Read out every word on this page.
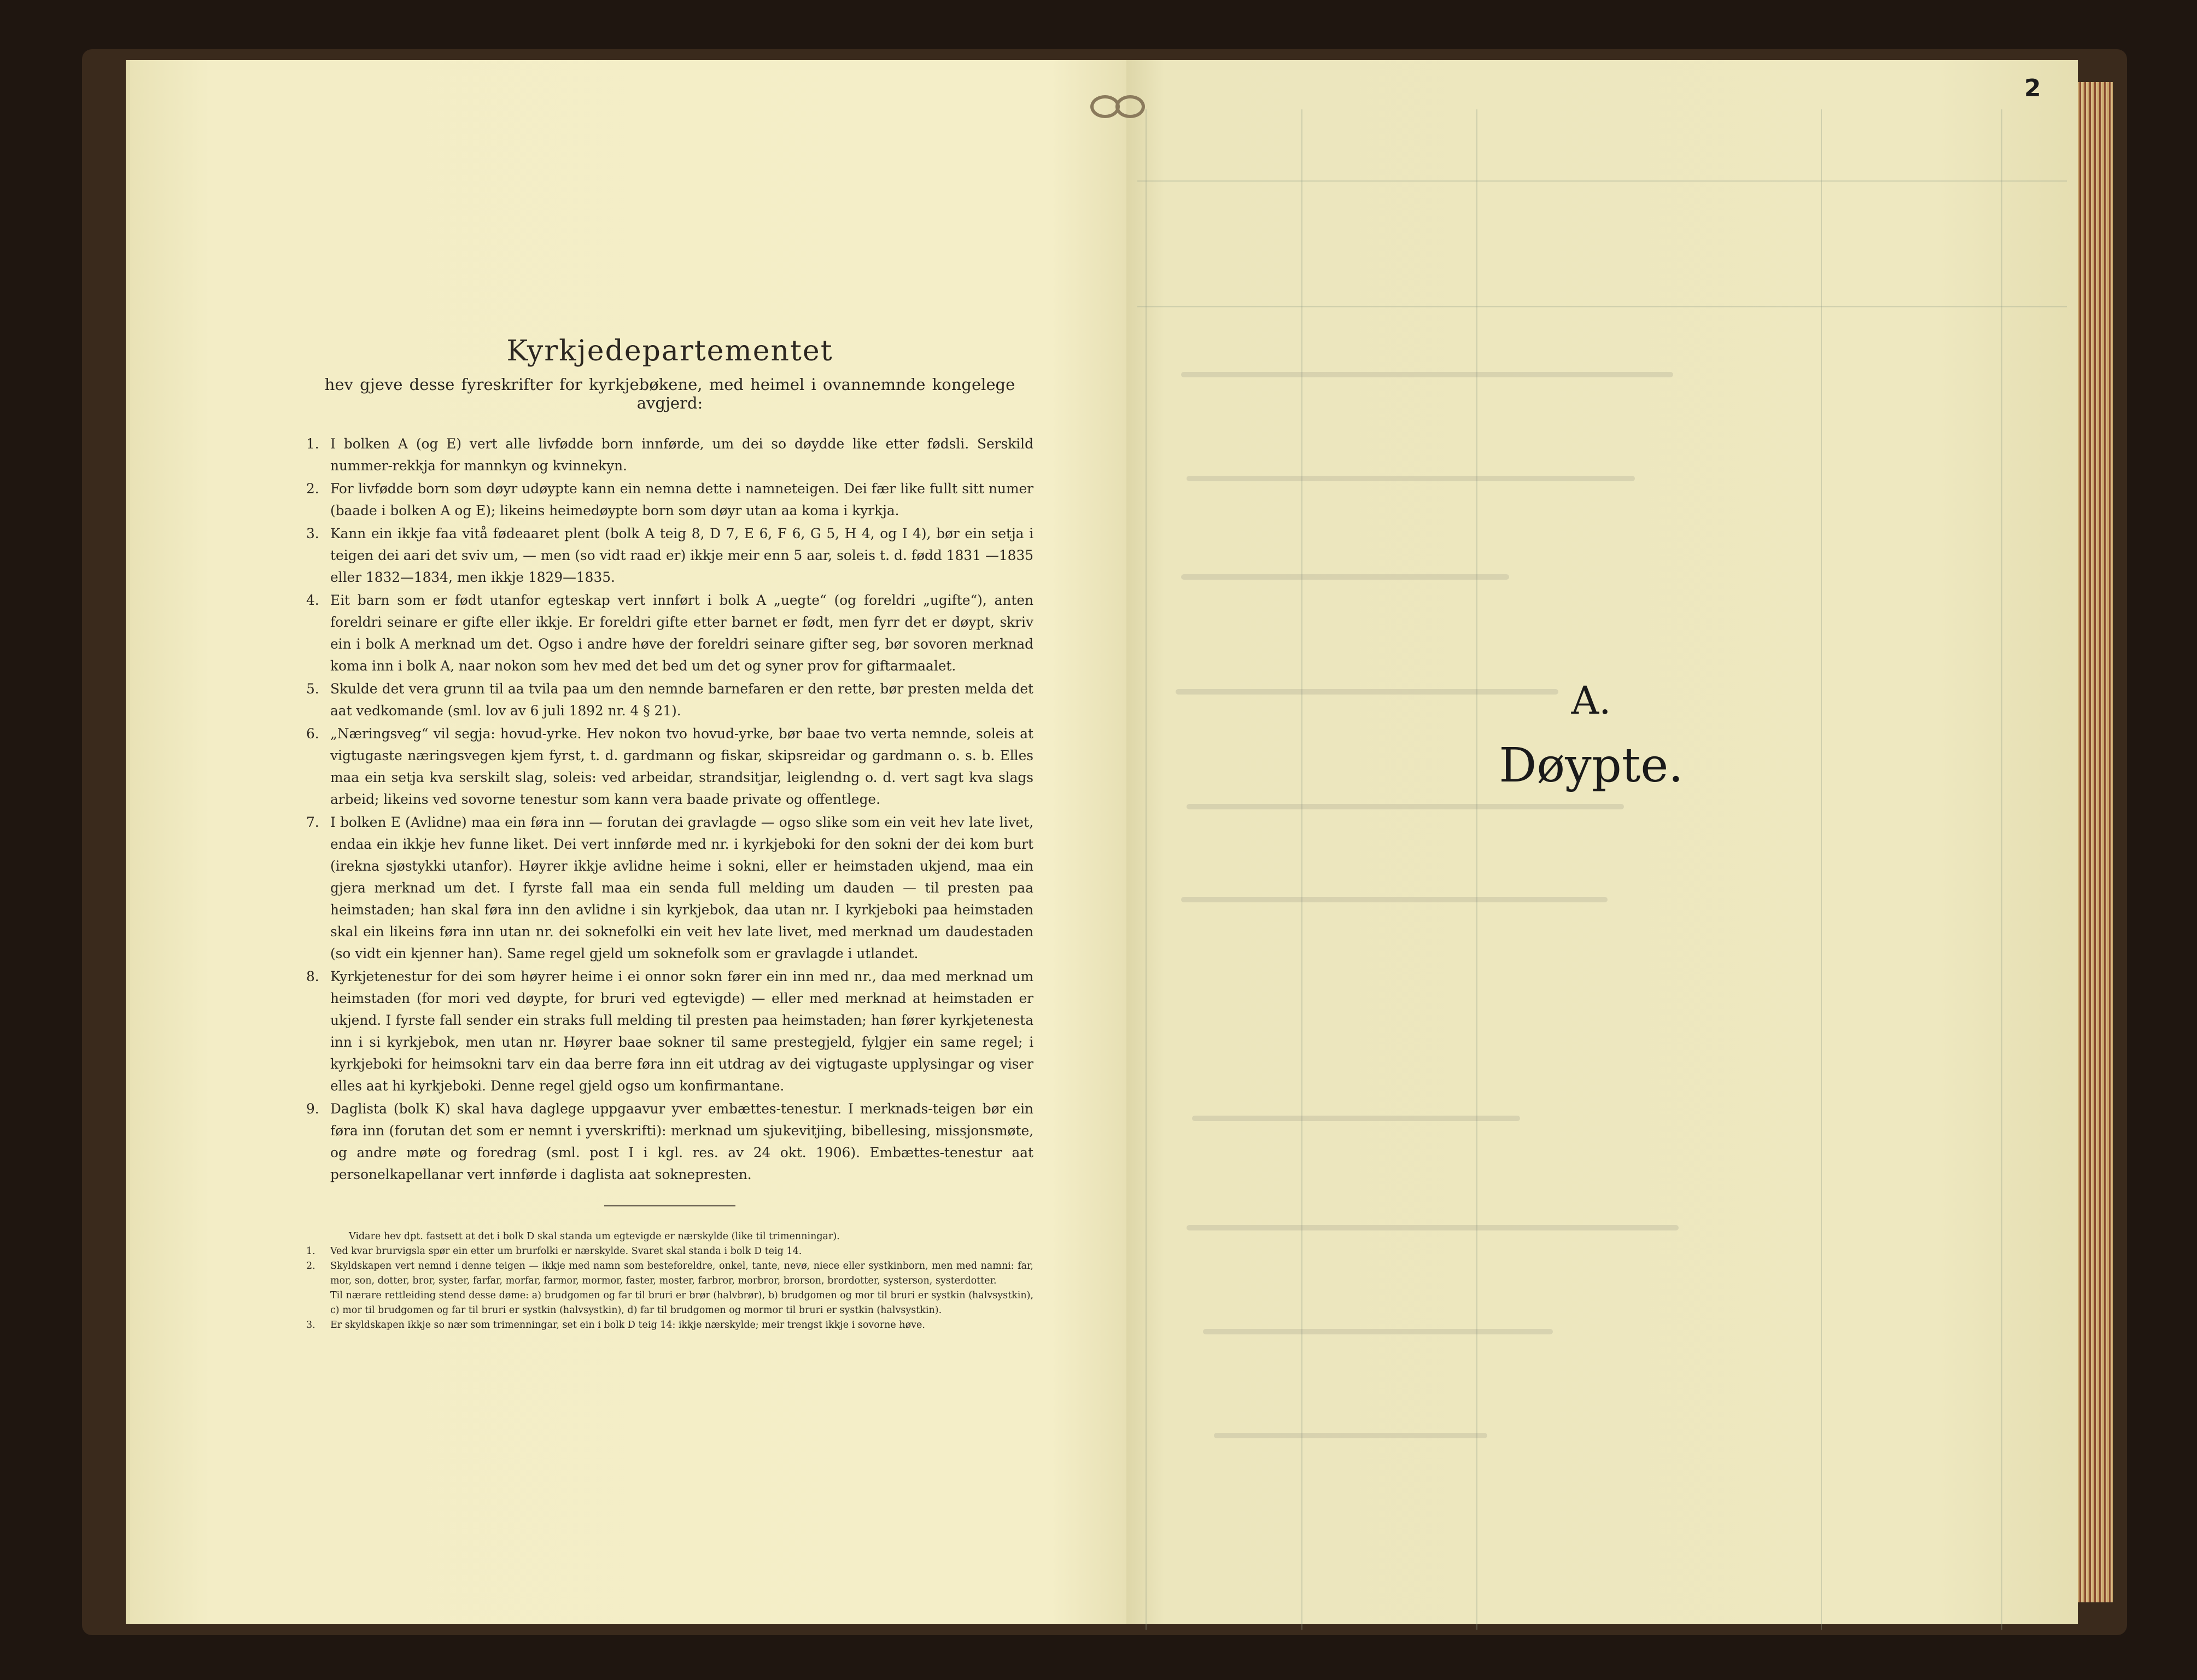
2
Kyrkjedepartementet

hev gjeve desse fyreskrifter for kyrkjebøkene, med heimel i ovannemnde kongelege avgjerd:

1. I bolken A (og E) vert alle livfødde born innførde, um dei so døydde like etter fødsli. Serskild nummer-rekkja for mannkyn og kvinnekyn.
2. For livfødde born som døyr udøypte kann ein nemna dette i namneteigen. Dei fær like fullt sitt numer (baade i bolken A og E); likeins heimedøypte born som døyr utan aa koma i kyrkja.
3. Kann ein ikkje faa vitå fødeaaret plent (bolk A teig 8, D 7, E 6, F 6, G 5, H 4, og I 4), bør ein setja i teigen dei aari det sviv um, — men (so vidt raad er) ikkje meir enn 5 aar, soleis t. d. fødd 1831 —1835 eller 1832—1834, men ikkje 1829—1835.
4. Eit barn som er født utanfor egteskap vert innført i bolk A „uegte“ (og foreldri „ugifte“), anten foreldri seinare er gifte eller ikkje. Er foreldri gifte etter barnet er født, men fyrr det er døypt, skriv ein i bolk A merknad um det. Ogso i andre høve der foreldri seinare gifter seg, bør sovoren merknad koma inn i bolk A, naar nokon som hev med det bed um det og syner prov for giftarmaalet.
5. Skulde det vera grunn til aa tvila paa um den nemnde barnefaren er den rette, bør presten melda det aat vedkomande (sml. lov av 6 juli 1892 nr. 4 § 21).
6. „Næringsveg“ vil segja: hovud-yrke. Hev nokon tvo hovud-yrke, bør baae tvo verta nemnde, soleis at vigtugaste næringsvegen kjem fyrst, t. d. gardmann og fiskar, skipsreidar og gardmann o. s. b. Elles maa ein setja kva serskilt slag, soleis: ved arbeidar, strandsitjar, leiglendng o. d. vert sagt kva slags arbeid; likeins ved sovorne tenestur som kann vera baade private og offentlege.
7. I bolken E (Avlidne) maa ein føra inn — forutan dei gravlagde — ogso slike som ein veit hev late livet, endaa ein ikkje hev funne liket. Dei vert innførde med nr. i kyrkjeboki for den sokni der dei kom burt (irekna sjøstykki utanfor). Høyrer ikkje avlidne heime i sokni, eller er heimstaden ukjend, maa ein gjera merknad um det. I fyrste fall maa ein senda full melding um dauden — til presten paa heimstaden; han skal føra inn den avlidne i sin kyrkjebok, daa utan nr. I kyrkjeboki paa heimstaden skal ein likeins føra inn utan nr. dei soknefolki ein veit hev late livet, med merknad um daudestaden (so vidt ein kjenner han). Same regel gjeld um soknefolk som er gravlagde i utlandet.
8. Kyrkjetenestur for dei som høyrer heime i ei onnor sokn fører ein inn med nr., daa med merknad um heimstaden (for mori ved døypte, for bruri ved egtevigde) — eller med merknad at heimstaden er ukjend. I fyrste fall sender ein straks full melding til presten paa heimstaden; han fører kyrkjetenesta inn i si kyrkjebok, men utan nr. Høyrer baae sokner til same prestegjeld, fylgjer ein same regel; i kyrkjeboki for heimsokni tarv ein daa berre føra inn eit utdrag av dei vigtugaste upplysingar og viser elles aat hi kyrkjeboki. Denne regel gjeld ogso um konfirmantane.
9. Daglista (bolk K) skal hava daglege uppgaavur yver embættes-tenestur. I merknads-teigen bør ein føra inn (forutan det som er nemnt i yverskrifti): merknad um sjukevitjing, bibellesing, missjonsmøte, og andre møte og foredrag (sml. post I i kgl. res. av 24 okt. 1906). Embættes-tenestur aat personelkapellanar vert innførde i daglista aat soknepresten.
Vidare hev dpt. fastsett at det i bolk D skal standa um egtevigde er nærskylde (like til trimenningar).
1.	Ved kvar brurvigsla spør ein etter um brurfolki er nærskylde. Svaret skal standa i bolk D teig 14.
2.	Skyldskapen vert nemnd i denne teigen — ikkje med namn som besteforeldre, onkel, tante, nevø, niece eller systkinborn, men med namni: far, mor, son, dotter, bror, syster, farfar, morfar, farmor, mormor, faster, moster, farbror, morbror, brorson, brordotter, systerson, systerdotter.
Til nærare rettleiding stend desse døme: a) brudgomen og far til bruri er brør (halvbrør), b) brudgomen og mor til bruri er systkin (halvsystkin), c) mor til brudgomen og far til bruri er systkin (halvsystkin), d) far til brudgomen og mormor til bruri er systkin (halvsystkin).
3.	Er skyldskapen ikkje so nær som trimenningar, set ein i bolk D teig 14: ikkje nærskylde; meir trengst ikkje i sovorne høve.
A.
Døypte.
